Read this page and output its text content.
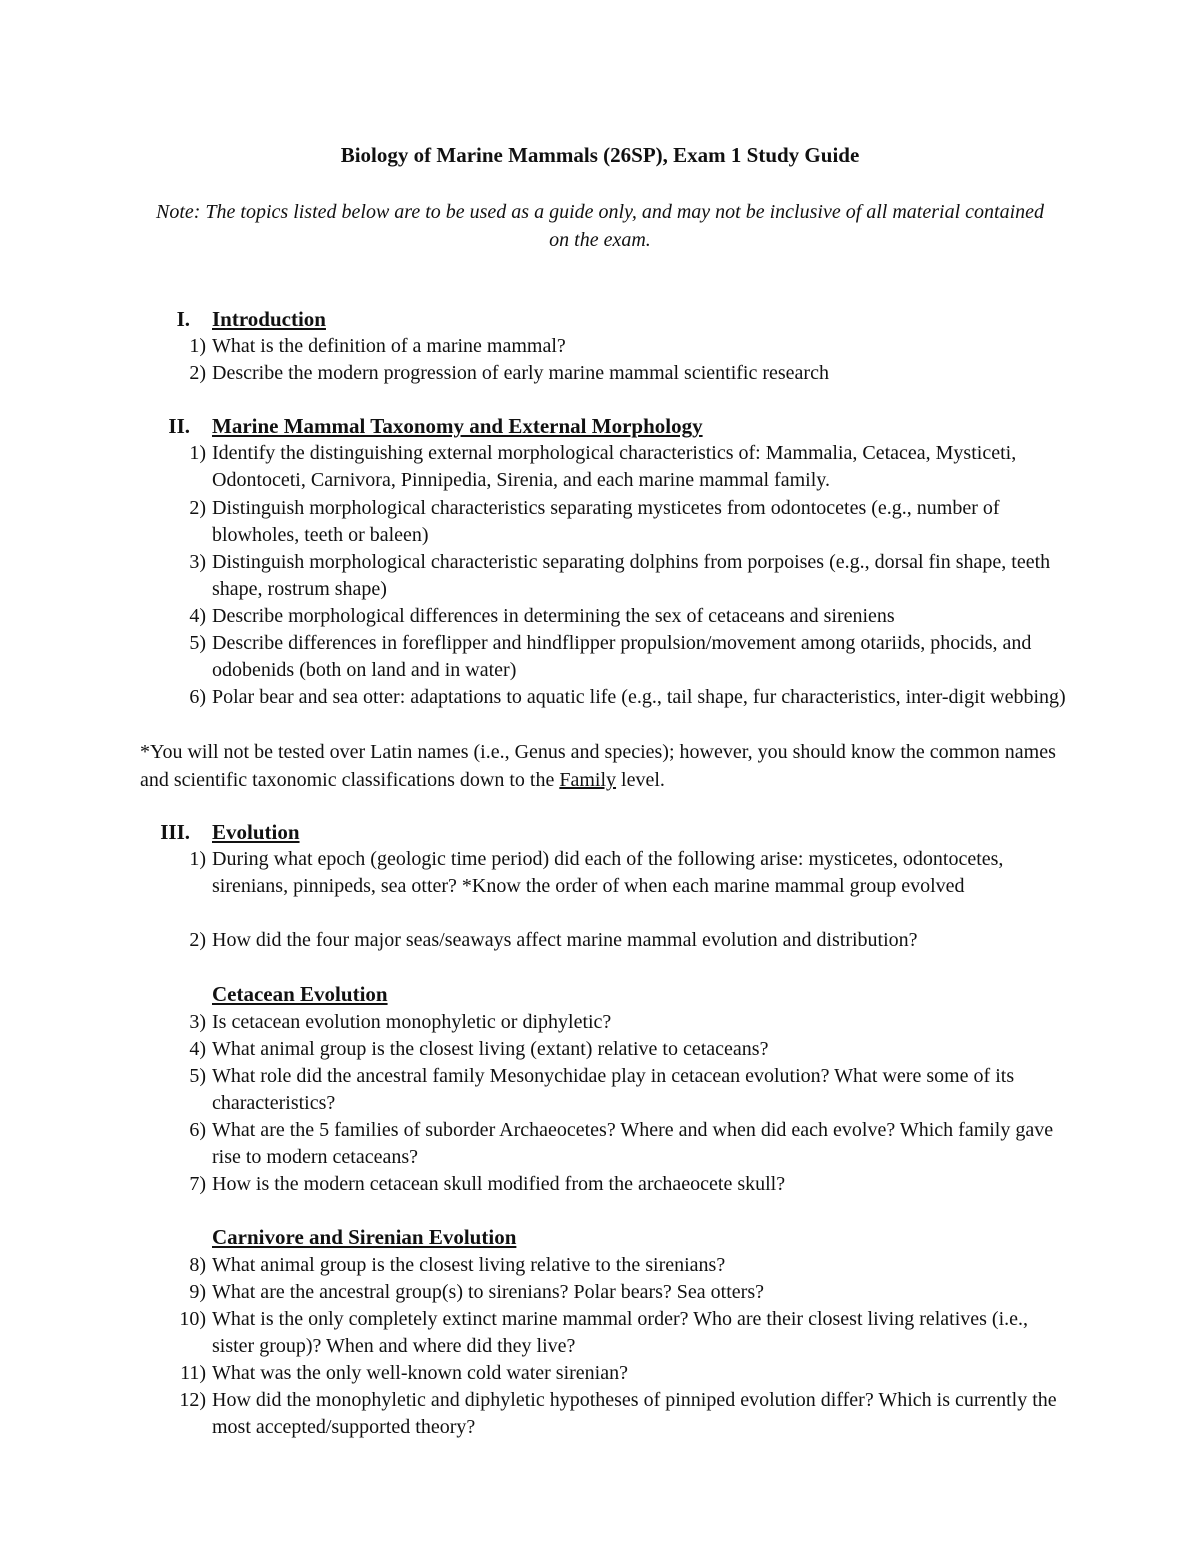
Biology of Marine Mammals (26SP), Exam 1 Study Guide
Note: The topics listed below are to be used as a guide only, and may not be inclusive of all material contained on the exam.
I. Introduction
1) What is the definition of a marine mammal?
2) Describe the modern progression of early marine mammal scientific research
II. Marine Mammal Taxonomy and External Morphology
1) Identify the distinguishing external morphological characteristics of: Mammalia, Cetacea, Mysticeti, Odontoceti, Carnivora, Pinnipedia, Sirenia, and each marine mammal family.
2) Distinguish morphological characteristics separating mysticetes from odontocetes (e.g., number of blowholes, teeth or baleen)
3) Distinguish morphological characteristic separating dolphins from porpoises (e.g., dorsal fin shape, teeth shape, rostrum shape)
4) Describe morphological differences in determining the sex of cetaceans and sireniens
5) Describe differences in foreflipper and hindflipper propulsion/movement among otariids, phocids, and odobenids (both on land and in water)
6) Polar bear and sea otter: adaptations to aquatic life (e.g., tail shape, fur characteristics, inter-digit webbing)
*You will not be tested over Latin names (i.e., Genus and species); however, you should know the common names and scientific taxonomic classifications down to the Family level.
III. Evolution
1) During what epoch (geologic time period) did each of the following arise: mysticetes, odontocetes, sirenians, pinnipeds, sea otter? *Know the order of when each marine mammal group evolved
2) How did the four major seas/seaways affect marine mammal evolution and distribution?
Cetacean Evolution
3) Is cetacean evolution monophyletic or diphyletic?
4) What animal group is the closest living (extant) relative to cetaceans?
5) What role did the ancestral family Mesonychidae play in cetacean evolution? What were some of its characteristics?
6) What are the 5 families of suborder Archaeocetes? Where and when did each evolve? Which family gave rise to modern cetaceans?
7) How is the modern cetacean skull modified from the archaeocete skull?
Carnivore and Sirenian Evolution
8) What animal group is the closest living relative to the sirenians?
9) What are the ancestral group(s) to sirenians? Polar bears? Sea otters?
10) What is the only completely extinct marine mammal order? Who are their closest living relatives (i.e., sister group)? When and where did they live?
11) What was the only well-known cold water sirenian?
12) How did the monophyletic and diphyletic hypotheses of pinniped evolution differ? Which is currently the most accepted/supported theory?
